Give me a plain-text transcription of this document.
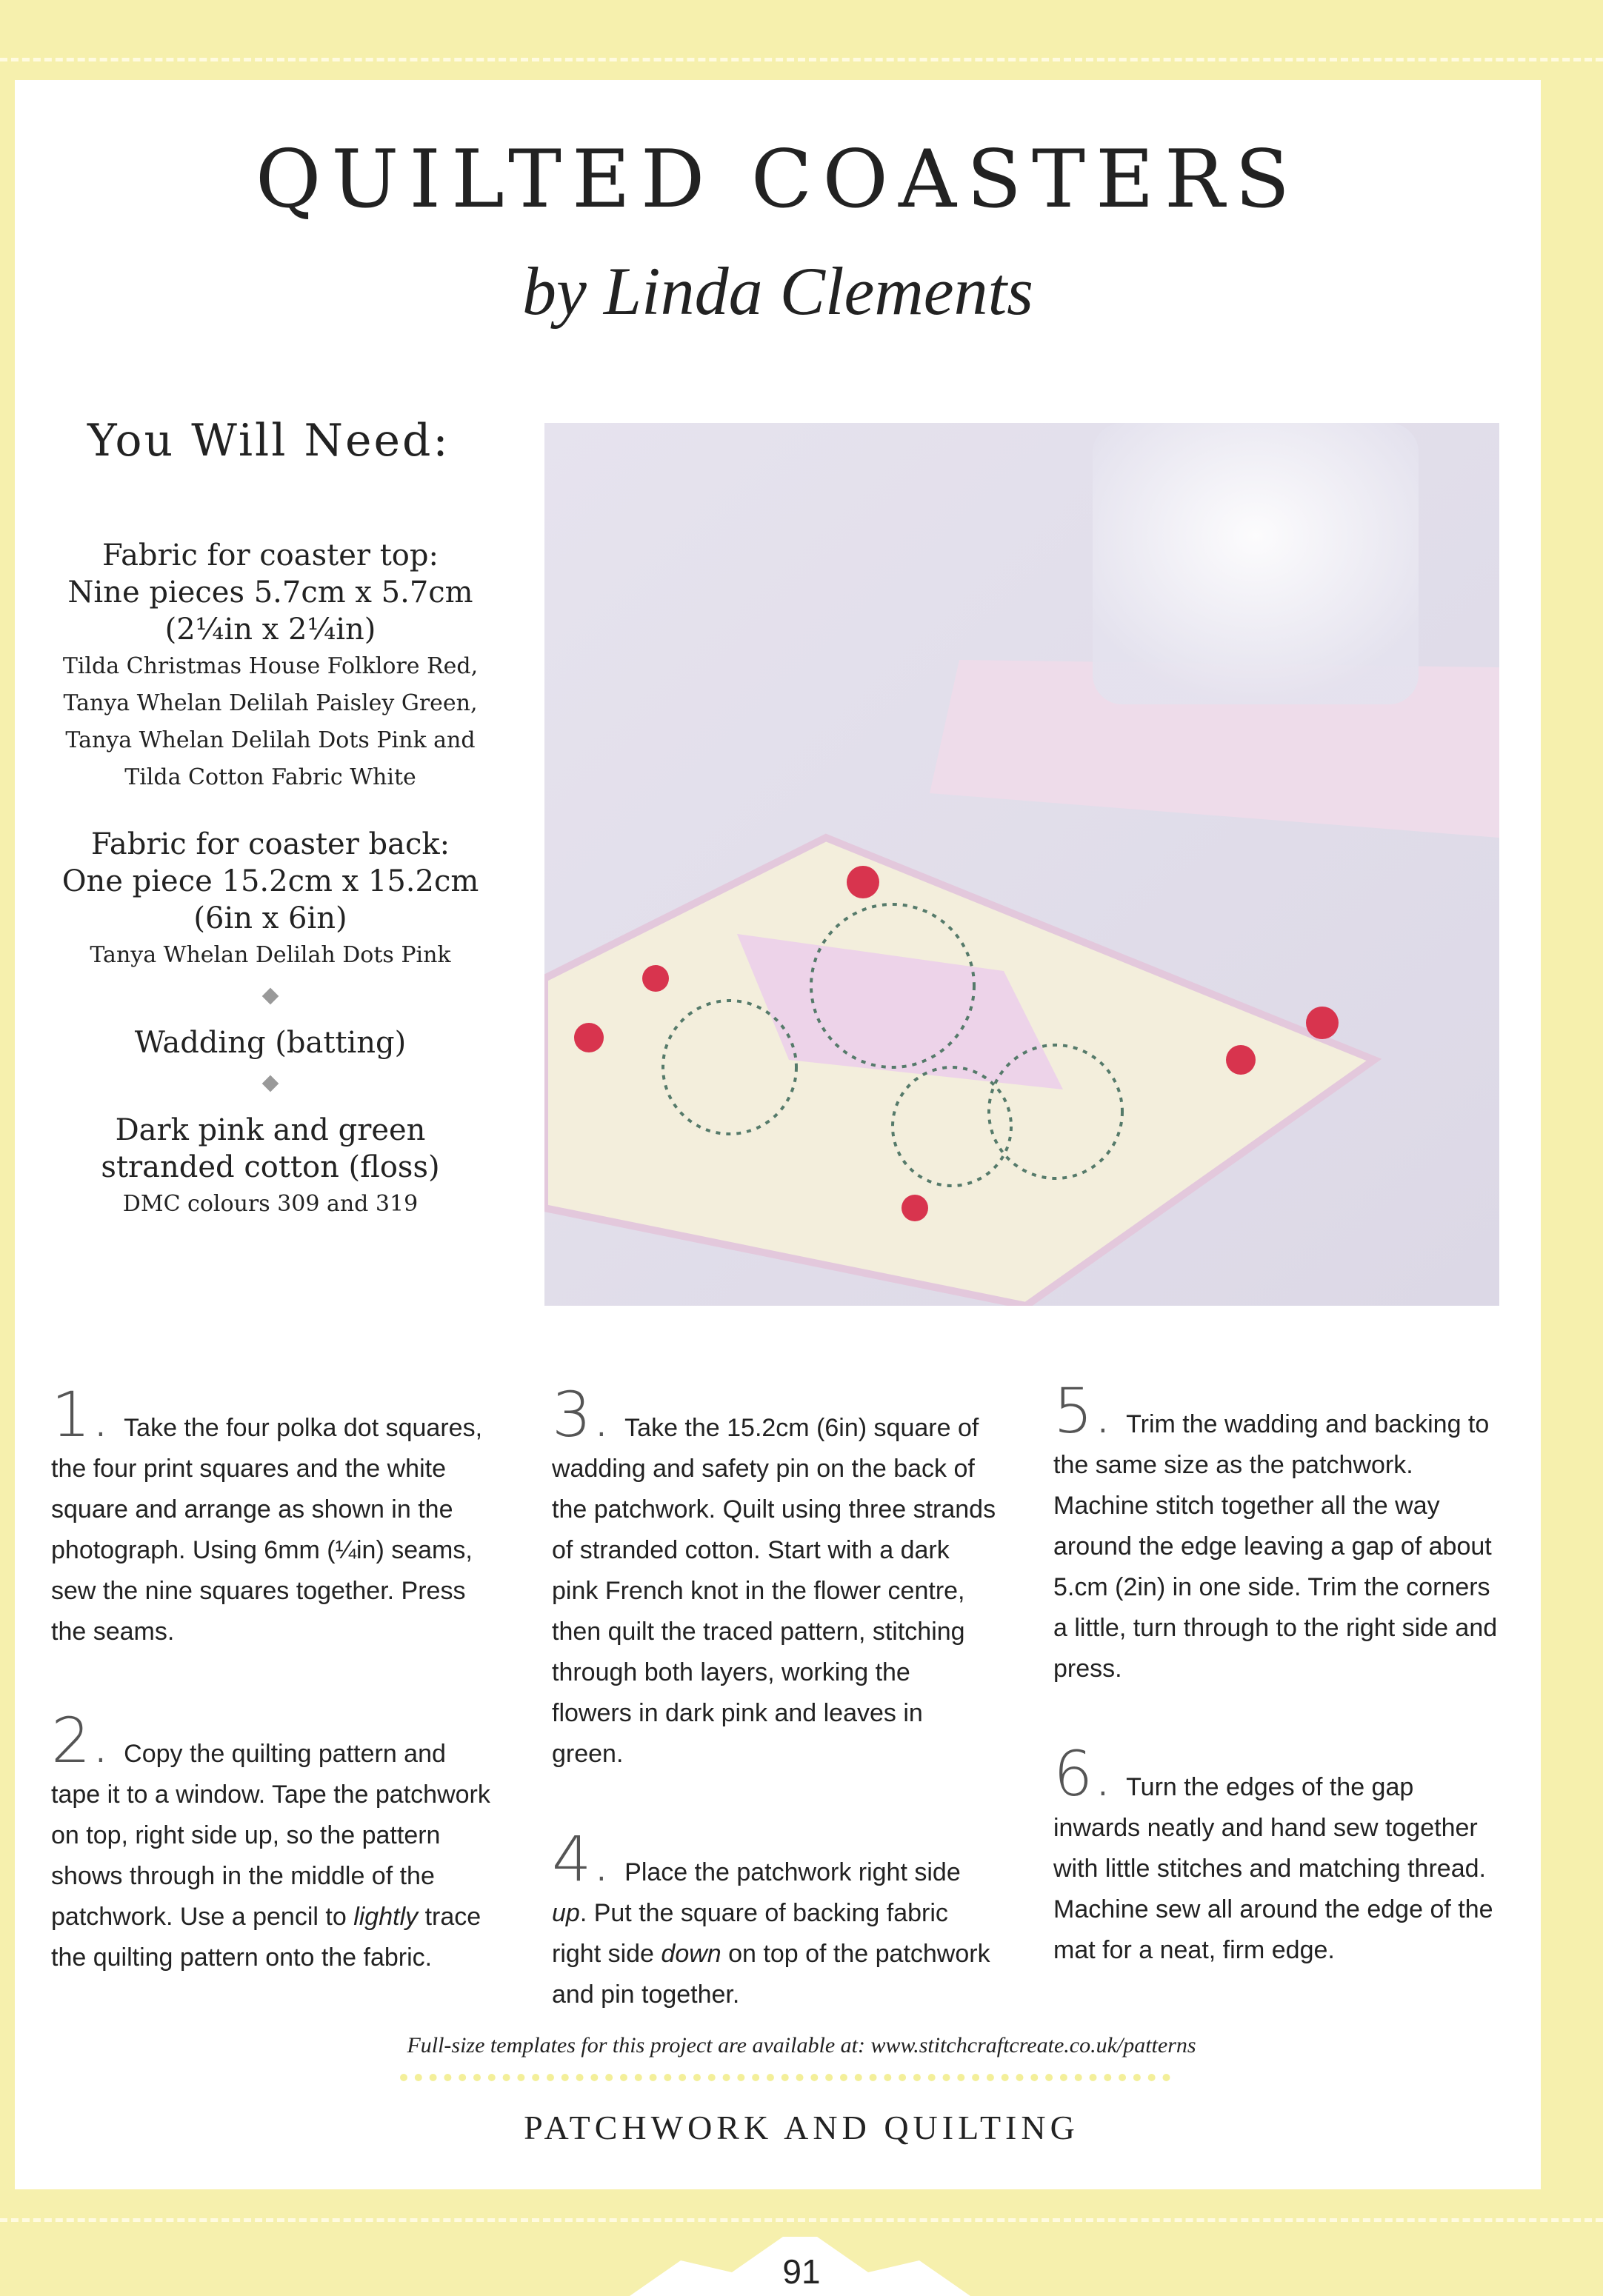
QUILTED COASTERS
by Linda Clements
You Will Need:
Fabric for coaster top:
Nine pieces 5.7cm x 5.7cm
(2¼in x 2¼in)
Tilda Christmas House Folklore Red,
Tanya Whelan Delilah Paisley Green,
Tanya Whelan Delilah Dots Pink and
Tilda Cotton Fabric White
Fabric for coaster back:
One piece 15.2cm x 15.2cm
(6in x 6in)
Tanya Whelan Delilah Dots Pink
Wadding (batting)
Dark pink and green
stranded cotton (floss)
DMC colours 309 and 319
1. Take the four polka dot squares, the four print squares and the white square and arrange as shown in the photograph. Using 6mm (¼in) seams, sew the nine squares together. Press the seams.
2. Copy the quilting pattern and tape it to a window. Tape the patchwork on top, right side up, so the pattern shows through in the middle of the patchwork. Use a pencil to lightly trace the quilting pattern onto the fabric.
3. Take the 15.2cm (6in) square of wadding and safety pin on the back of the patchwork. Quilt using three strands of stranded cotton. Start with a dark pink French knot in the flower centre, then quilt the traced pattern, stitching through both layers, working the flowers in dark pink and leaves in green.
4. Place the patchwork right side up. Put the square of backing fabric right side down on top of the patchwork and pin together.
5. Trim the wadding and backing to the same size as the patchwork. Machine stitch together all the way around the edge leaving a gap of about 5.cm (2in) in one side. Trim the corners a little, turn through to the right side and press.
6. Turn the edges of the gap inwards neatly and hand sew together with little stitches and matching thread. Machine sew all around the edge of the mat for a neat, firm edge.
Full-size templates for this project are available at: www.stitchcraftcreate.co.uk/patterns
PATCHWORK AND QUILTING
91
